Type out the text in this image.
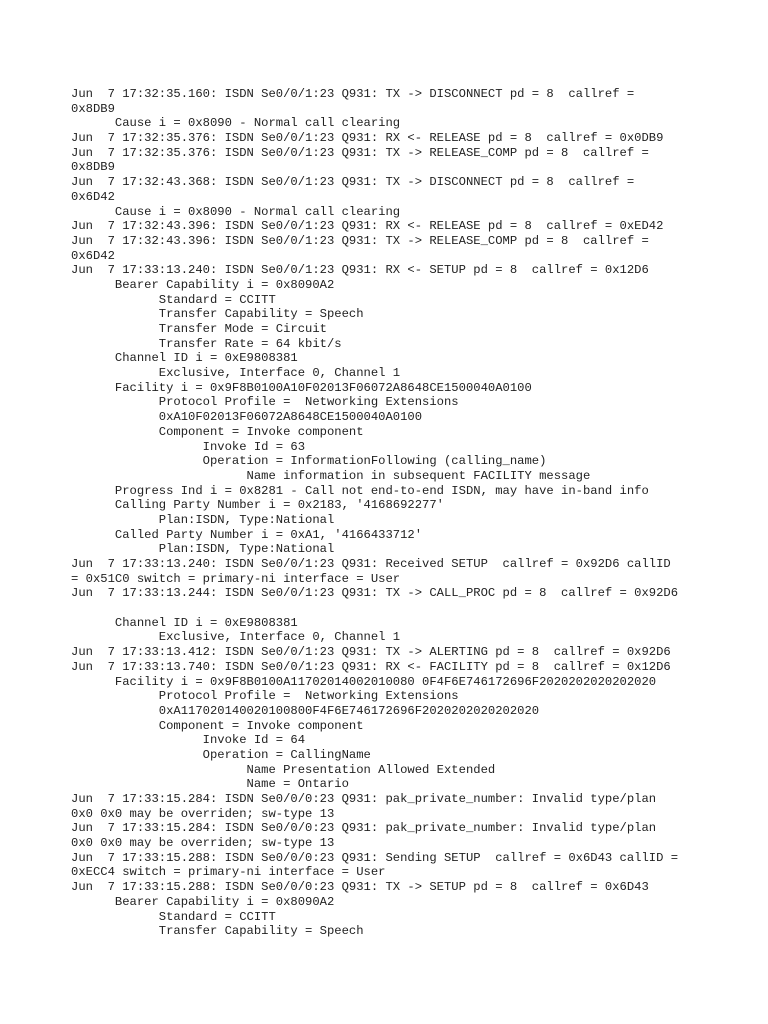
Jun  7 17:32:35.160: ISDN Se0/0/1:23 Q931: TX -> DISCONNECT pd = 8  callref =
0x8DB9
Cause i = 0x8090 - Normal call clearing
Jun  7 17:32:35.376: ISDN Se0/0/1:23 Q931: RX <- RELEASE pd = 8  callref = 0x0DB9
Jun  7 17:32:35.376: ISDN Se0/0/1:23 Q931: TX -> RELEASE_COMP pd = 8  callref =
0x8DB9
Jun  7 17:32:43.368: ISDN Se0/0/1:23 Q931: TX -> DISCONNECT pd = 8  callref =
0x6D42
Cause i = 0x8090 - Normal call clearing
Jun  7 17:32:43.396: ISDN Se0/0/1:23 Q931: RX <- RELEASE pd = 8  callref = 0xED42
Jun  7 17:32:43.396: ISDN Se0/0/1:23 Q931: TX -> RELEASE_COMP pd = 8  callref =
0x6D42
Jun  7 17:33:13.240: ISDN Se0/0/1:23 Q931: RX <- SETUP pd = 8  callref = 0x12D6
Bearer Capability i = 0x8090A2
Standard = CCITT
Transfer Capability = Speech
Transfer Mode = Circuit
Transfer Rate = 64 kbit/s
Channel ID i = 0xE9808381
Exclusive, Interface 0, Channel 1
Facility i = 0x9F8B0100A10F02013F06072A8648CE1500040A0100
Protocol Profile =  Networking Extensions
0xA10F02013F06072A8648CE1500040A0100
Component = Invoke component
Invoke Id = 63
Operation = InformationFollowing (calling_name)
Name information in subsequent FACILITY message
Progress Ind i = 0x8281 - Call not end-to-end ISDN, may have in-band info
Calling Party Number i = 0x2183, '4168692277'
Plan:ISDN, Type:National
Called Party Number i = 0xA1, '4166433712'
Plan:ISDN, Type:National
Jun  7 17:33:13.240: ISDN Se0/0/1:23 Q931: Received SETUP  callref = 0x92D6 callID
= 0x51C0 switch = primary-ni interface = User
Jun  7 17:33:13.244: ISDN Se0/0/1:23 Q931: TX -> CALL_PROC pd = 8  callref = 0x92D6
Channel ID i = 0xE9808381
Exclusive, Interface 0, Channel 1
Jun  7 17:33:13.412: ISDN Se0/0/1:23 Q931: TX -> ALERTING pd = 8  callref = 0x92D6
Jun  7 17:33:13.740: ISDN Se0/0/1:23 Q931: RX <- FACILITY pd = 8  callref = 0x12D6
Facility i = 0x9F8B0100A11702014002010080 0F4F6E746172696F2020202020202020
Protocol Profile =  Networking Extensions
0xA117020140020100800F4F6E746172696F2020202020202020
Component = Invoke component
Invoke Id = 64
Operation = CallingName
Name Presentation Allowed Extended
Name = Ontario
Jun  7 17:33:15.284: ISDN Se0/0/0:23 Q931: pak_private_number: Invalid type/plan
0x0 0x0 may be overriden; sw-type 13
Jun  7 17:33:15.284: ISDN Se0/0/0:23 Q931: pak_private_number: Invalid type/plan
0x0 0x0 may be overriden; sw-type 13
Jun  7 17:33:15.288: ISDN Se0/0/0:23 Q931: Sending SETUP  callref = 0x6D43 callID =
0xECC4 switch = primary-ni interface = User
Jun  7 17:33:15.288: ISDN Se0/0/0:23 Q931: TX -> SETUP pd = 8  callref = 0x6D43
Bearer Capability i = 0x8090A2
Standard = CCITT
Transfer Capability = Speech
